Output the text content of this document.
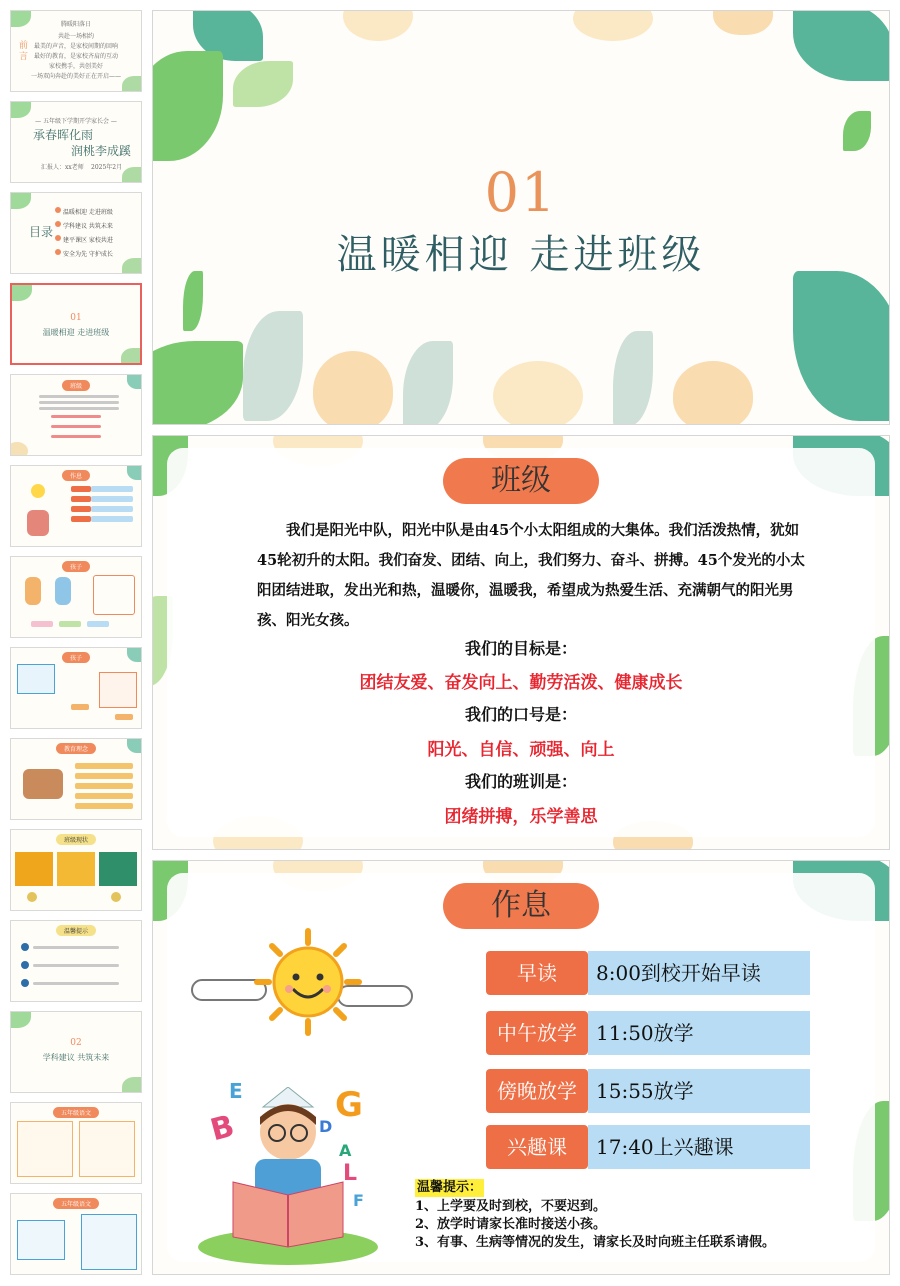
前言
腾暖阳落日
共赴一场相约
最美的声音，是家校间期的回响
最好的教育，是家校齐肩的互动
家校携手，共创美好
一场双向奔赴的美好正在开启——
— 五年级下学期开学家长会 —
承春晖化雨
润桃李成蹊
汇报人：xx老师 2025年2月
目录
温暖相迎 走进班级
学科建议 共筑未来
建平课区 家校共进
安全为先 守护成长
01
温暖相迎 走进班级
班级
作息
孩子
孩子
教育理念
班级现状
温馨提示
02
学科建议 共筑未来
五年级语文
五年级语文
01
温暖相迎 走进班级
班级
我们是阳光中队，阳光中队是由45个小太阳组成的大集体。我们活泼热情，犹如45轮初升的太阳。我们奋发、团结、向上，我们努力、奋斗、拼搏。45个发光的小太阳团结进取，发出光和热，温暖你，温暖我，希望成为热爱生活、充满朝气的阳光男孩、阳光女孩。
我们的目标是：
团结友爱、奋发向上、勤劳活泼、健康成长
我们的口号是：
阳光、自信、顽强、向上
我们的班训是：
团绪拼搏，乐学善思
作息
B
E	G
D
A
L
F
早读	8:00到校开始早读
中午放学 11:50放学
傍晚放学 15:55放学
兴趣课	17:40上兴趣课
温馨提示：
1、上学要及时到校，不要迟到。
2、放学时请家长准时接送小孩。
3、有事、生病等情况的发生，请家长及时向班主任联系请假。
